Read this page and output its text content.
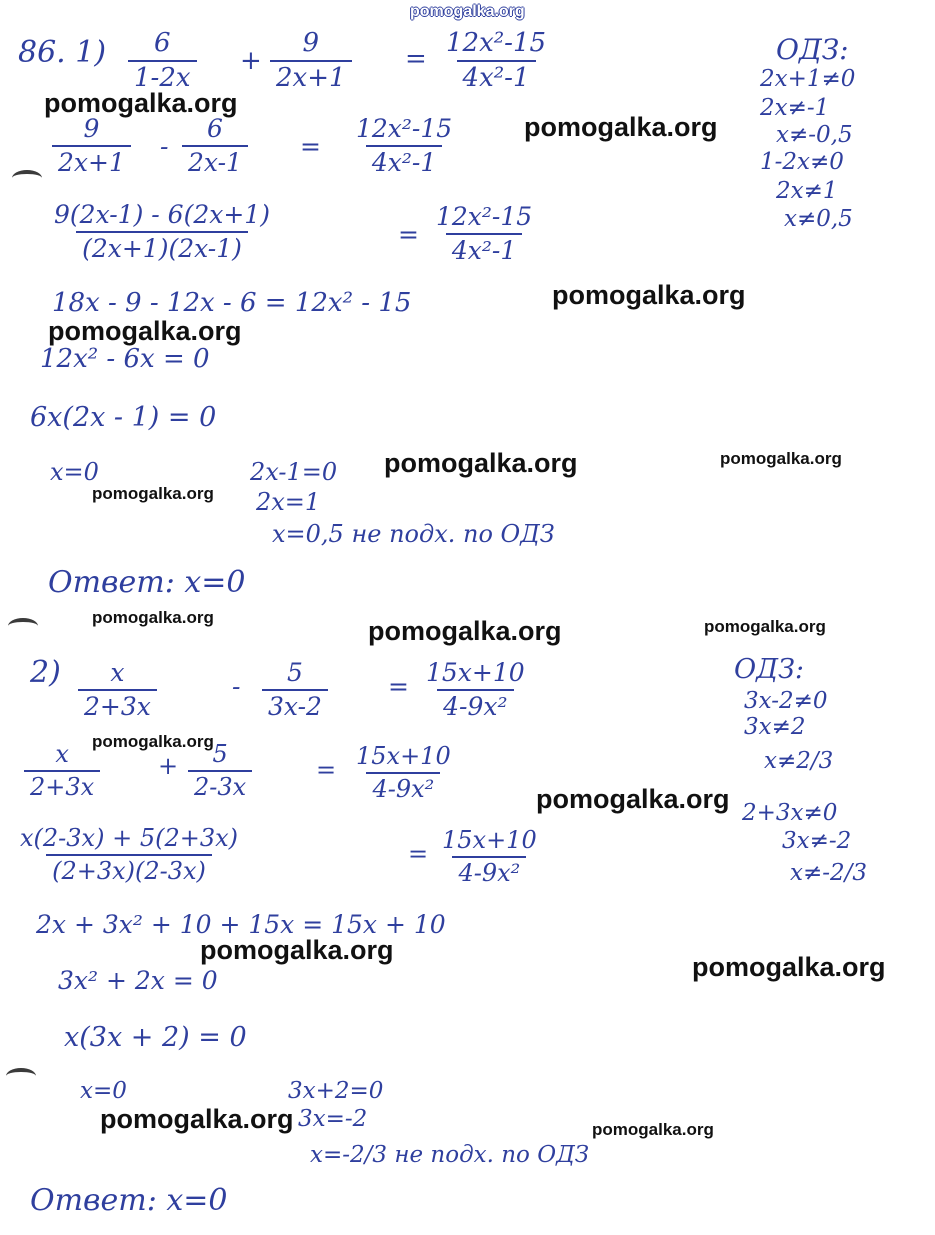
pomogalka.org
86. $1) \frac{6}{1-2x} + \frac{9}{2x+1} = \frac{\text{12x²-15}}{\text{4x²-1}}$	ОДЗ:
2x+1≠0
2x≠-1
x≠-0,5
1-2x≠0
2x≠1
x≠0,5
$\frac{9}{2x+1} - \frac{6}{2x-1} = \frac{\text{12x²-15}}{\text{4x²-1}}$
$\frac{9(2x-1) - 6(2x+1)}{(2x+1)(2x-1)}$	= $\frac{\text{12x²-15}}{\text{4x²-1}}$
18x - 9 - 12x - 6 = 12x² - 15
12x² - 6x = 0
6x(2x - 1) = 0
x=0	2x-1=0
2x=1
x=0,5 не подх. по ОДЗ
Ответ: x=0
$2) \frac{x}{2+3x}$	- $\frac{5}{3x-2} = \frac{15x+10}{\text{4-9x²}}$	ОДЗ:
3x-2≠0
3x≠2
x≠2/3
2+3x≠0
3x≠-2
x≠-2/3
$\frac{x}{2+3x} + \frac{5}{2-3x}$	= $\frac{15x+10}{\text{4-9x²}}$
$\frac{x(2-3x) + 5(2+3x)}{(2+3x)(2-3x)}$	= $\frac{15x+10}{\text{4-9x²}}$
2x + 3x² + 10 + 15x = 15x + 10
3x² + 2x = 0
x(3x + 2) = 0
x=0	3x+2=0
3x=-2
x=-2/3 не подх. по ОДЗ
Ответ: x=0
pomogalka.org
pomogalka.org
pomogalka.org
pomogalka.org
pomogalka.org	pomogalka.org
pomogalka.org
pomogalka.org	pomogalka.org	pomogalka.org
pomogalka.org
pomogalka.org
pomogalka.org
pomogalka.org
pomogalka.org	pomogalka.org
